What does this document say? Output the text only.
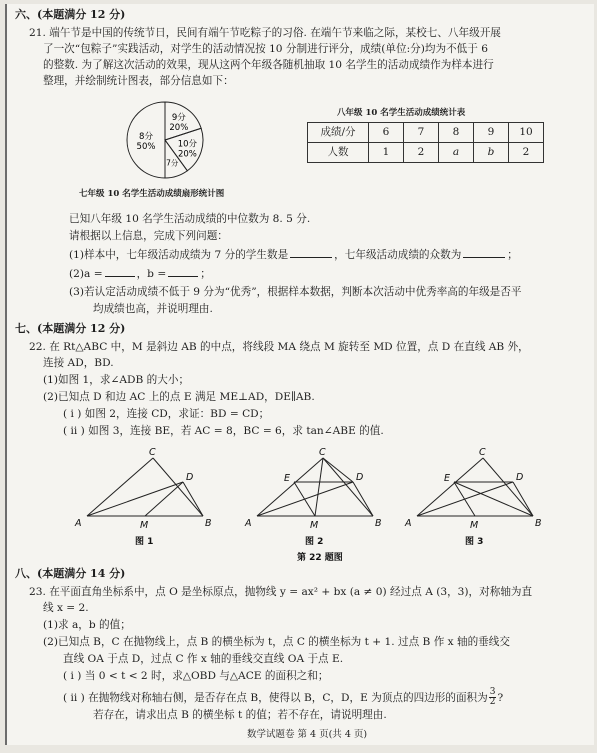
六、(本题满分 12 分)
21. 端午节是中国的传统节日，民间有端午节吃粽子的习俗. 在端午节来临之际，某校七、八年级开展
了一次“包粽子”实践活动，对学生的活动情况按 10 分制进行评分，成绩(单位:分)均为不低于 6
的整数. 为了解这次活动的效果，现从这两个年级各随机抽取 10 名学生的活动成绩作为样本进行
整理，并绘制统计图表，部分信息如下：
8分
50%
7分
10分
20%
9分
20%
七年级 10 名学生活动成绩扇形统计图
八年级 10 名学生活动成绩统计表
成绩/分	6	7	8	9	10
人数	1	2	a	b	2
已知八年级 10 名学生活动成绩的中位数为 8. 5 分.
请根据以上信息，完成下列问题：
(1)样本中，七年级活动成绩为 7 分的学生数是	，七年级活动成绩的众数为	；
(2)a =	，b =	；
(3)若认定活动成绩不低于 9 分为“优秀”，根据样本数据，判断本次活动中优秀率高的年级是否平
均成绩也高，并说明理由.
七、(本题满分 12 分)
22. 在 Rt△ABC 中，M 是斜边 AB 的中点，将线段 MA 绕点 M 旋转至 MD 位置，点 D 在直线 AB 外，
连接 AD，BD.
(1)如图 1，求∠ADB 的大小；
(2)已知点 D 和边 AC 上的点 E 满足 ME⊥AD，DE∥AB.
( i ) 如图 2，连接 CD，求证：BD = CD；
( ii ) 如图 3，连接 BE，若 AC = 8，BC = 6，求 tan∠ABE 的值.
A	B
C
D
M	A	B
C
D
E
M	A	B
C
D
E
M
图 1	图 2	图 3
第 22 题图
八、(本题满分 14 分)
23. 在平面直角坐标系中，点 O 是坐标原点，抛物线 y = ax² + bx (a ≠ 0) 经过点 A (3，3)，对称轴为直
线 x = 2.
(1)求 a，b 的值；
(2)已知点 B，C 在抛物线上，点 B 的横坐标为 t，点 C 的横坐标为 t + 1. 过点 B 作 x 轴的垂线交
直线 OA 于点 D，过点 C 作 x 轴的垂线交直线 OA 于点 E.
( i ) 当 0 < t < 2 时，求△OBD 与△ACE 的面积之和；
( ii ) 在抛物线对称轴右侧，是否存在点 B，使得以 B，C，D，E 为顶点的四边形的面积为 $\frac{3}{2}$ ?
若存在，请求出点 B 的横坐标 t 的值；若不存在，请说明理由.
数学试题卷 第 4 页(共 4 页)
